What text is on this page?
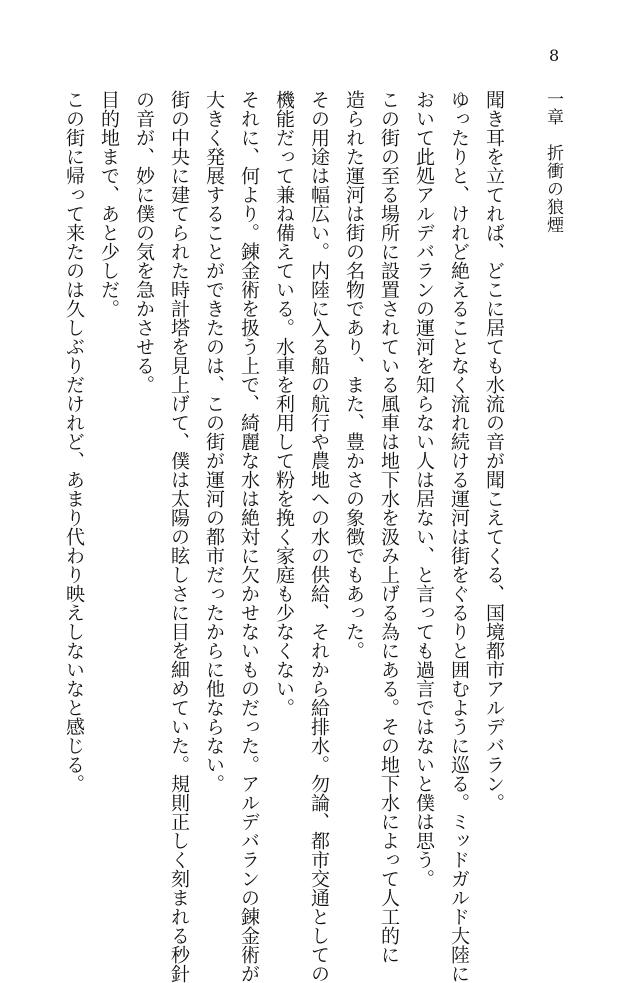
8
一章　折衝の狼煙

聞き耳を立てれば、どこに居ても水流の音が聞こえてくる、国境都市アルデバラン。

ゆったりと、けれど絶えることなく流れ続ける運河は街をぐるりと囲むように巡る。ミッドガルド大陸に

おいて此処アルデバランの運河を知らない人は居ない、と言っても過言ではないと僕は思う。

この街の至る場所に設置されている風車は地下水を汲み上げる為にある。その地下水によって人工的に

造られた運河は街の名物であり、また、豊かさの象徴でもあった。

その用途は幅広い。内陸に入る船の航行や農地への水の供給、それから給排水。勿論、都市交通としての

機能だって兼ね備えている。水車を利用して粉を挽く家庭も少なくない。

それに、何より。錬金術を扱う上で、綺麗な水は絶対に欠かせないものだった。アルデバランの錬金術が

大きく発展することができたのは、この街が運河の都市だったからに他ならない。

街の中央に建てられた時計塔を見上げて、僕は太陽の眩しさに目を細めていた。規則正しく刻まれる秒針

の音が、妙に僕の気を急かさせる。

目的地まで、あと少しだ。

この街に帰って来たのは久しぶりだけれど、あまり代わり映えしないなと感じる。
